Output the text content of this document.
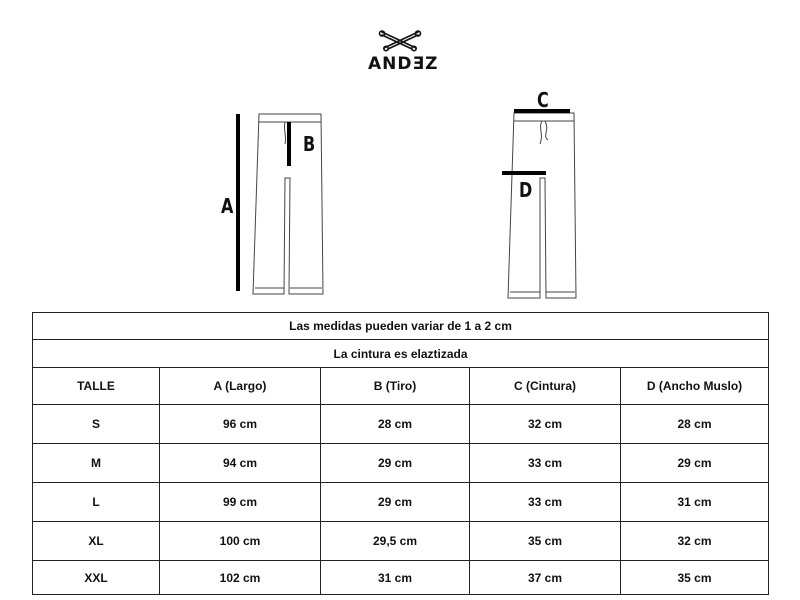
ANDƎZ
A
B
C
D
Las medidas pueden variar de 1 a 2 cm				
La cintura es elaztizada				
TALLE	A (Largo)	B (Tiro)	C (Cintura)	D (Ancho Muslo)
S	96 cm	28 cm	32 cm	28 cm
M	94 cm	29 cm	33 cm	29 cm
L	99 cm	29 cm	33 cm	31 cm
XL	100 cm	29,5 cm	35 cm	32 cm
XXL	102 cm	31 cm	37 cm	35 cm
